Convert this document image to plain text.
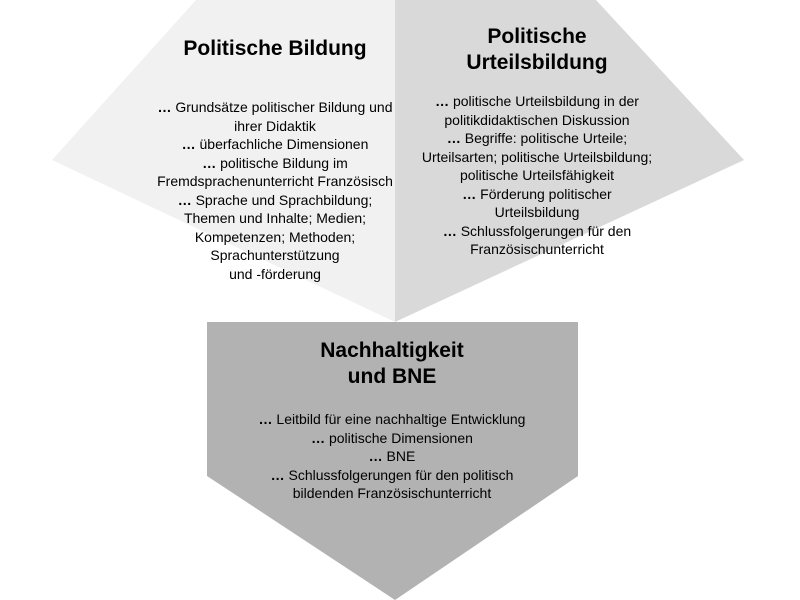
Politische Bildung
… Grundsätze politischer Bildung und
ihrer Didaktik
… überfachliche Dimensionen
… politische Bildung im
Fremdsprachenunterricht Französisch
… Sprache und Sprachbildung;
Themen und Inhalte; Medien;
Kompetenzen; Methoden;
Sprachunterstützung
und -förderung
Politische
Urteilsbildung
… politische Urteilsbildung in der
politikdidaktischen Diskussion
… Begriffe: politische Urteile;
Urteilsarten; politische Urteilsbildung;
politische Urteilsfähigkeit
… Förderung politischer
Urteilsbildung
… Schlussfolgerungen für den
Französischunterricht
Nachhaltigkeit
und BNE
… Leitbild für eine nachhaltige Entwicklung
… politische Dimensionen
… BNE
… Schlussfolgerungen für den politisch
bildenden Französischunterricht
